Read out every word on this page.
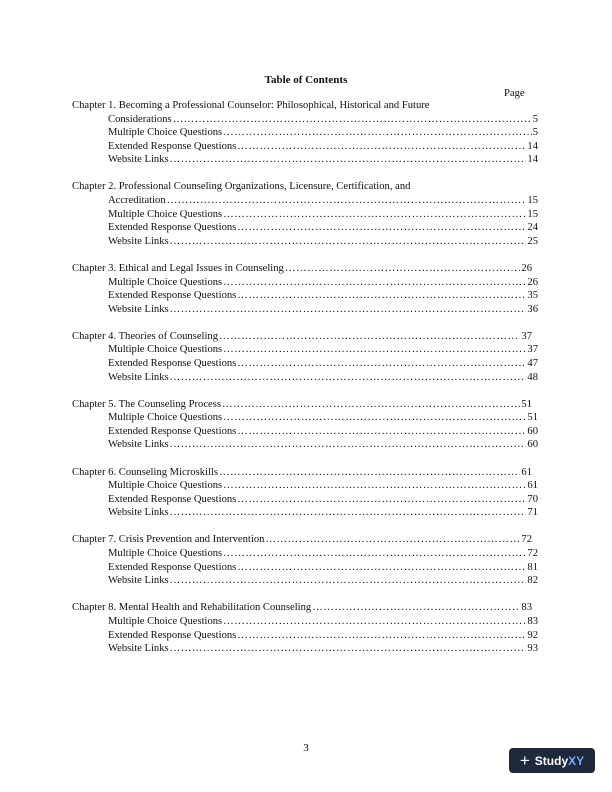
Table of Contents
Page
Chapter 1. Becoming a Professional Counselor: Philosophical, Historical and Future
Considerations ……………………………………………………………………………………………………………………………………………………………………………………	5
Multiple Choice Questions ……………………………………………………………………………………………………………………………………………………………………………………	5
Extended Response Questions ……………………………………………………………………………………………………………………………………………………………………………………	14
Website Links ……………………………………………………………………………………………………………………………………………………………………………………	14
Chapter 2. Professional Counseling Organizations, Licensure, Certification, and
Accreditation ……………………………………………………………………………………………………………………………………………………………………………………	15
Multiple Choice Questions ……………………………………………………………………………………………………………………………………………………………………………………	15
Extended Response Questions ……………………………………………………………………………………………………………………………………………………………………………………	24
Website Links ……………………………………………………………………………………………………………………………………………………………………………………	25
Chapter 3. Ethical and Legal Issues in Counseling ……………………………………………………………………………………………………………………………………………………………………………………	26
Multiple Choice Questions ……………………………………………………………………………………………………………………………………………………………………………………	26
Extended Response Questions ……………………………………………………………………………………………………………………………………………………………………………………	35
Website Links ……………………………………………………………………………………………………………………………………………………………………………………	36
Chapter 4. Theories of Counseling ……………………………………………………………………………………………………………………………………………………………………………………	37
Multiple Choice Questions ……………………………………………………………………………………………………………………………………………………………………………………	37
Extended Response Questions ……………………………………………………………………………………………………………………………………………………………………………………	47
Website Links ……………………………………………………………………………………………………………………………………………………………………………………	48
Chapter 5. The Counseling Process ……………………………………………………………………………………………………………………………………………………………………………………	51
Multiple Choice Questions ……………………………………………………………………………………………………………………………………………………………………………………	51
Extended Response Questions ……………………………………………………………………………………………………………………………………………………………………………………	60
Website Links ……………………………………………………………………………………………………………………………………………………………………………………	60
Chapter 6. Counseling Microskills ……………………………………………………………………………………………………………………………………………………………………………………	61
Multiple Choice Questions ……………………………………………………………………………………………………………………………………………………………………………………	61
Extended Response Questions ……………………………………………………………………………………………………………………………………………………………………………………	70
Website Links ……………………………………………………………………………………………………………………………………………………………………………………	71
Chapter 7. Crisis Prevention and Intervention ……………………………………………………………………………………………………………………………………………………………………………………	72
Multiple Choice Questions ……………………………………………………………………………………………………………………………………………………………………………………	72
Extended Response Questions ……………………………………………………………………………………………………………………………………………………………………………………	81
Website Links ……………………………………………………………………………………………………………………………………………………………………………………	82
Chapter 8. Mental Health and Rehabilitation Counseling ……………………………………………………………………………………………………………………………………………………………………………………	83
Multiple Choice Questions ……………………………………………………………………………………………………………………………………………………………………………………	83
Extended Response Questions ……………………………………………………………………………………………………………………………………………………………………………………	92
Website Links ……………………………………………………………………………………………………………………………………………………………………………………	93
3
+ Study XY
